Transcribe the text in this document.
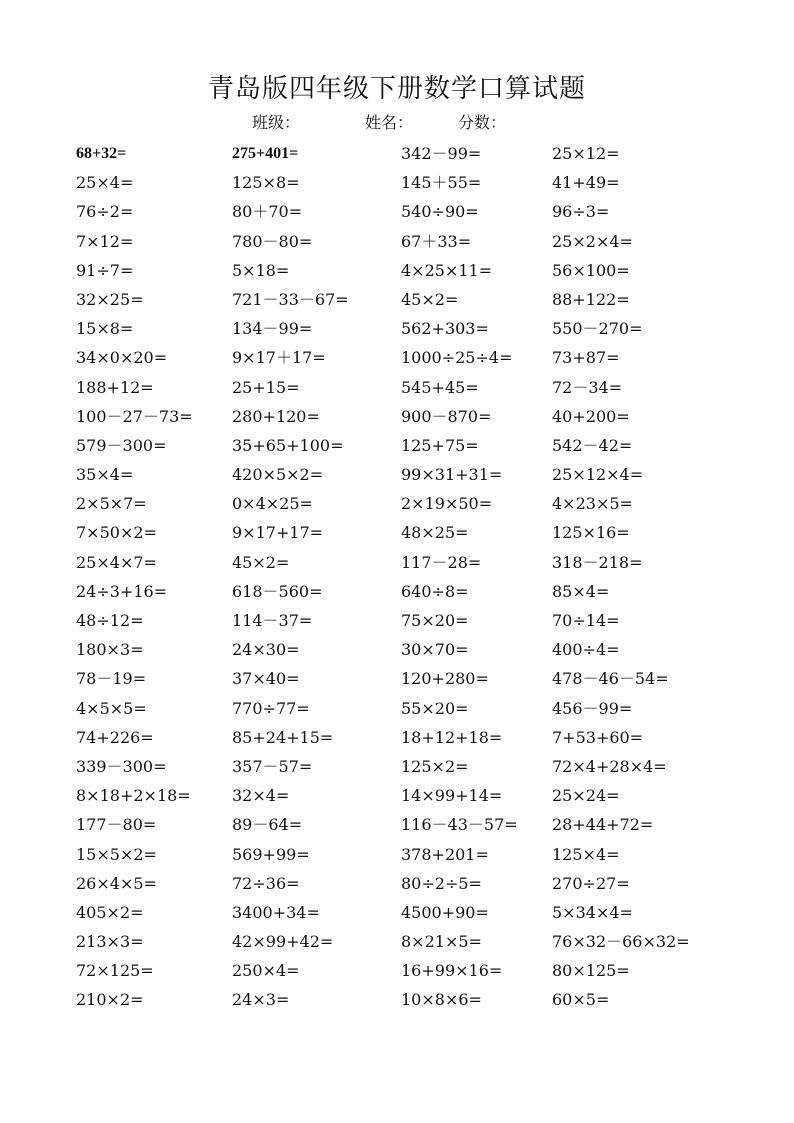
青岛版四年级下册数学口算试题
班级：	姓名：	分数：
68+32=	275+401=	342－99=	25×12=
25×4=	125×8=	145＋55=	41+49=
76÷2=	80＋70=	540÷90=	96÷3=
7×12=	780－80=	67＋33=	25×2×4=
91÷7=	5×18=	4×25×11=	56×100=
32×25=	721－33－67=	45×2=	88+122=
15×8=	134－99=	562+303=	550－270=
34×0×20=	9×17＋17=	1000÷25÷4= 73+87=
188+12=	25+15=	545+45=	72－34=
100－27－73= 280+120=	900－870=	40+200=
579－300=	35+65+100=	125+75=	542－42=
35×4=	420×5×2=	99×31+31=	25×12×4=
2×5×7=	0×4×25=	2×19×50=	4×23×5=
7×50×2=	9×17+17=	48×25=	125×16=
25×4×7=	45×2=	117－28=	318－218=
24÷3+16=	618－560=	640÷8=	85×4=
48÷12=	114－37=	75×20=	70÷14=
180×3=	24×30=	30×70=	400÷4=
78－19=	37×40=	120+280=	478－46－54=
4×5×5=	770÷77=	55×20=	456－99=
74+226=	85+24+15=	18+12+18=	7+53+60=
339－300=	357－57=	125×2=	72×4+28×4=
8×18+2×18=	32×4=	14×99+14=	25×24=
177－80=	89－64=	116－43－57= 28+44+72=
15×5×2=	569+99=	378+201=	125×4=
26×4×5=	72÷36=	80÷2÷5=	270÷27=
405×2=	3400+34=	4500+90=	5×34×4=
213×3=	42×99+42=	8×21×5=	76×32－66×32=
72×125=	250×4=	16+99×16=	80×125=
210×2=	24×3=	10×8×6=	60×5=
